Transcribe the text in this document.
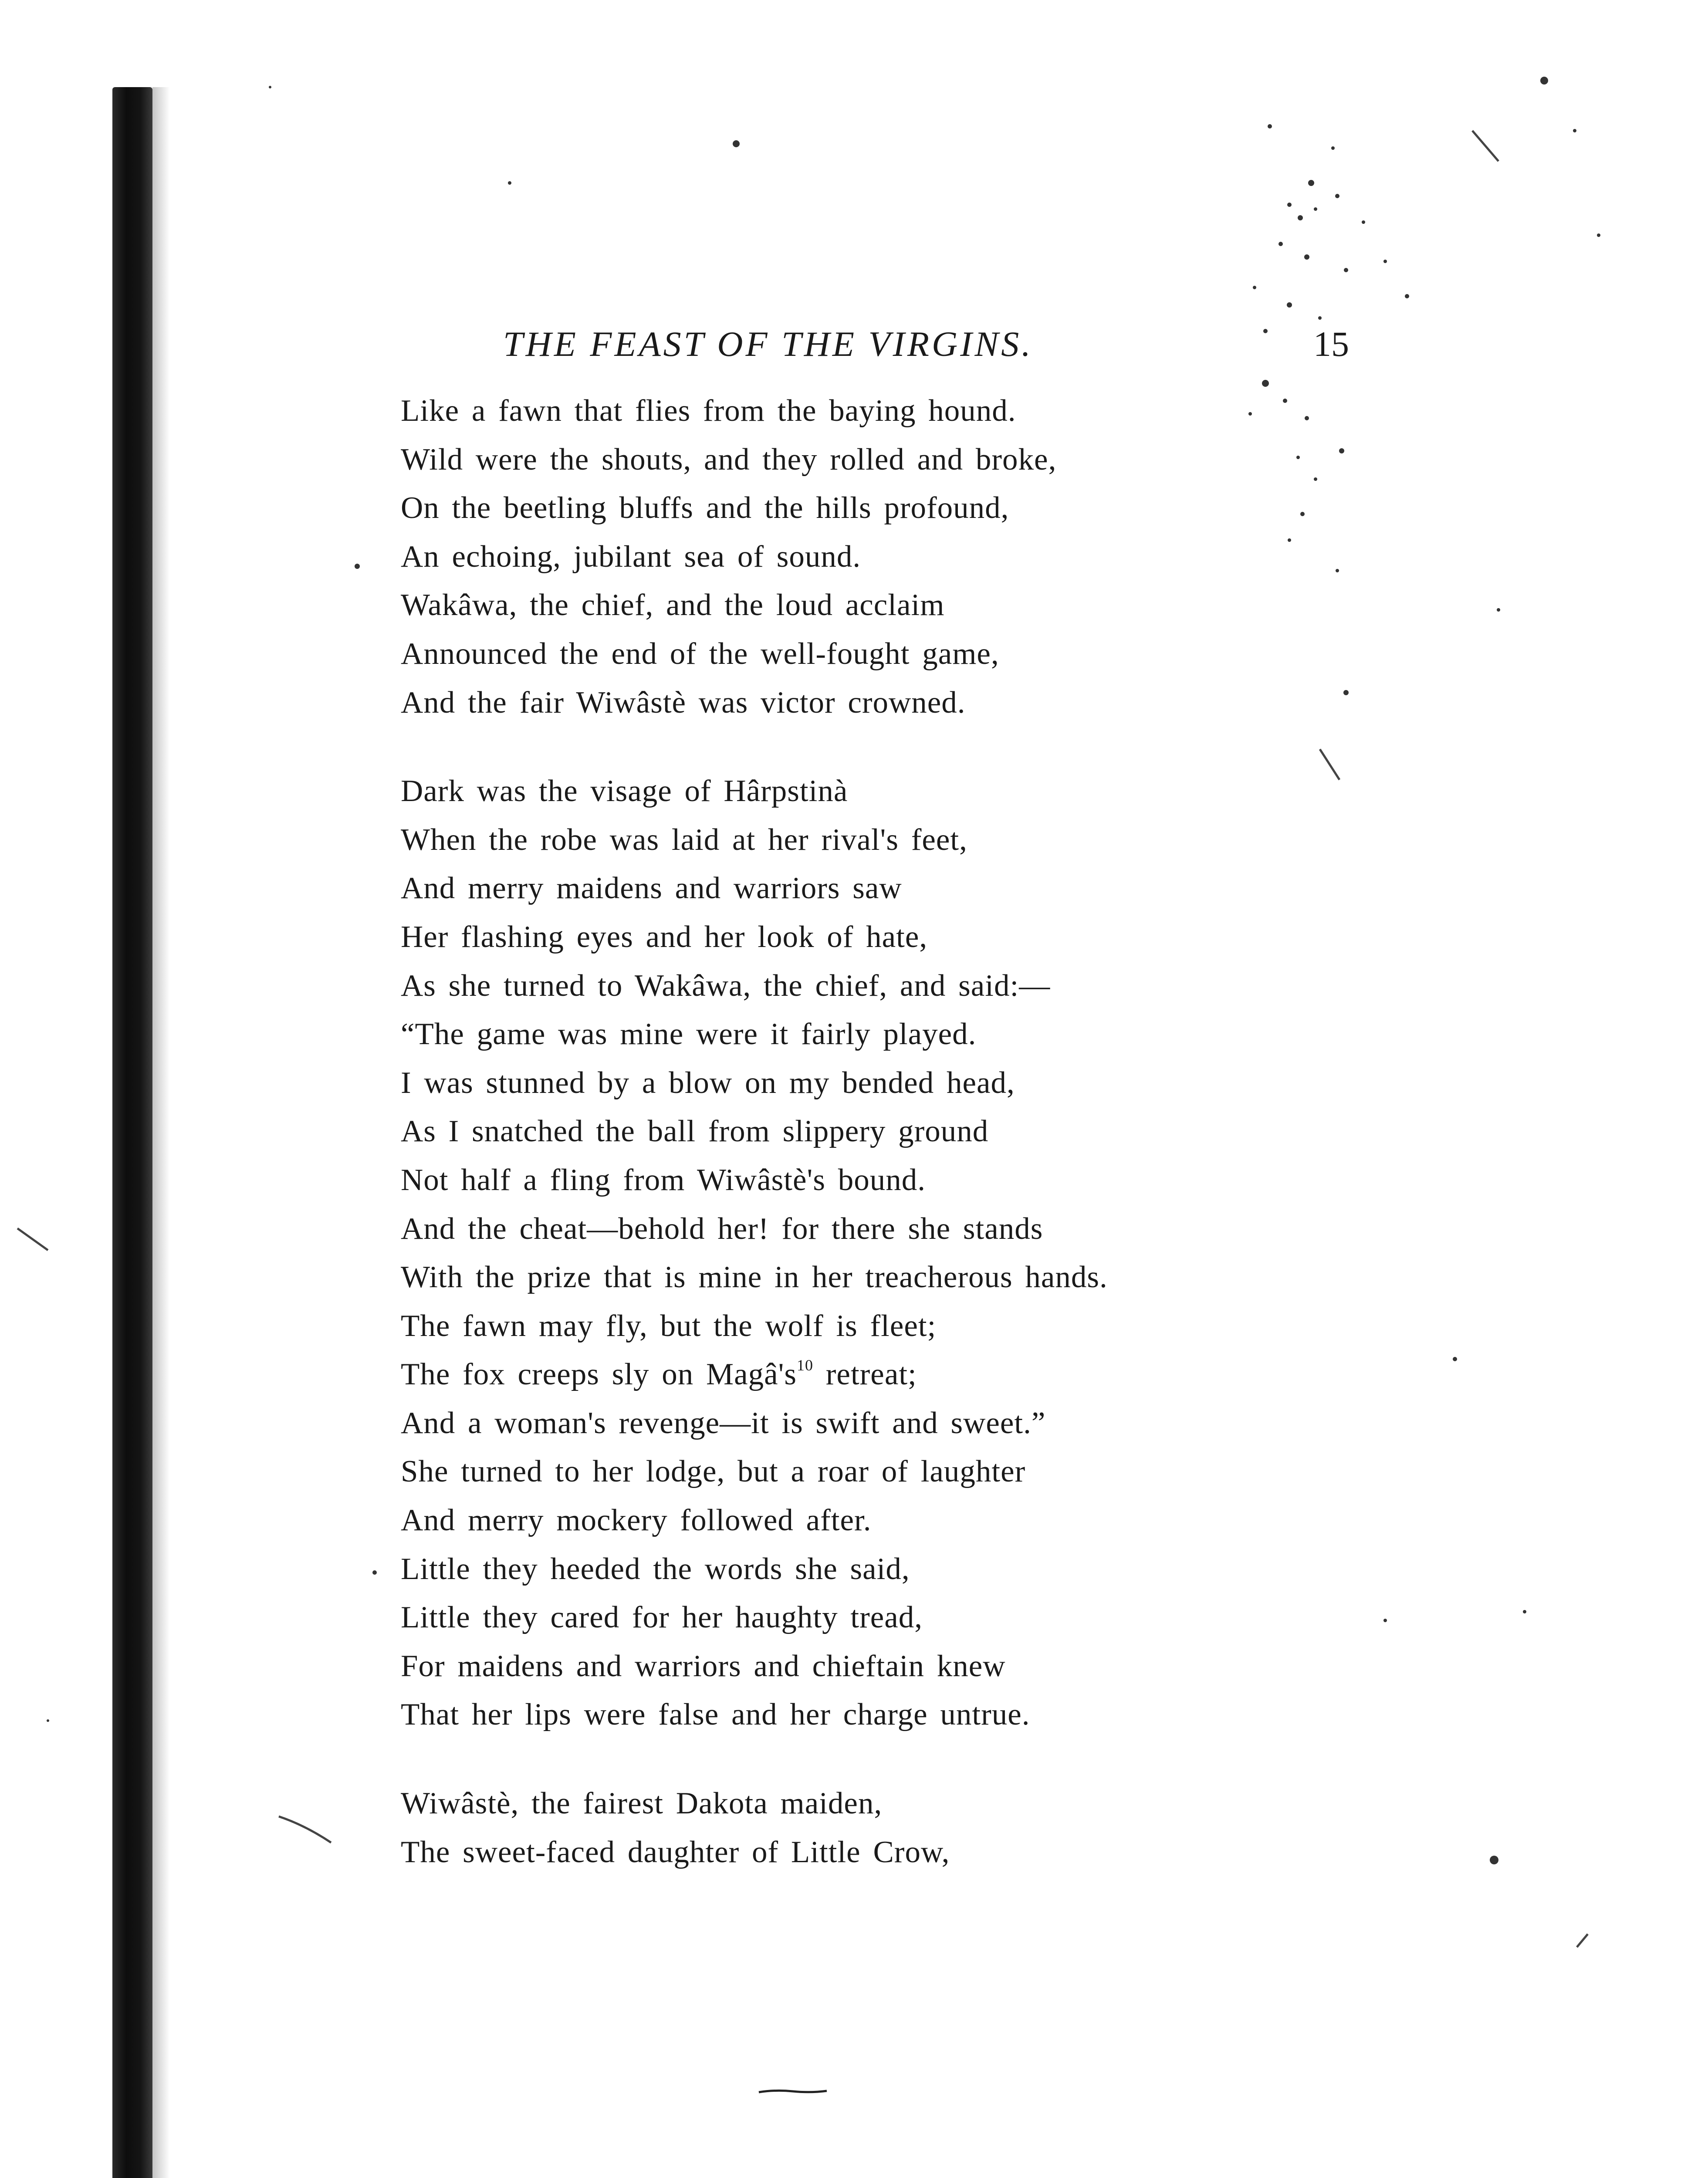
THE FEAST OF THE VIRGINS.	15
Like a fawn that flies from the baying hound.
Wild were the shouts, and they rolled and broke,
On the beetling bluffs and the hills profound,
An echoing, jubilant sea of sound.
Wakâwa, the chief, and the loud acclaim
Announced the end of the well-fought game,
And the fair Wiwâstè was victor crowned.
Dark was the visage of Hârpstinà
When the robe was laid at her rival's feet,
And merry maidens and warriors saw
Her flashing eyes and her look of hate,
As she turned to Wakâwa, the chief, and said:—
“The game was mine were it fairly played.
I was stunned by a blow on my bended head,
As I snatched the ball from slippery ground
Not half a fling from Wiwâstè's bound.
And the cheat—behold her! for there she stands
With the prize that is mine in her treacherous hands.
The fawn may fly, but the wolf is fleet;
The fox creeps sly on Magâ's$^{10}$ retreat;
And a woman's revenge—it is swift and sweet.”
She turned to her lodge, but a roar of laughter
And merry mockery followed after.
Little they heeded the words she said,
Little they cared for her haughty tread,
For maidens and warriors and chieftain knew
That her lips were false and her charge untrue.
Wiwâstè, the fairest Dakota maiden,
The sweet-faced daughter of Little Crow,
